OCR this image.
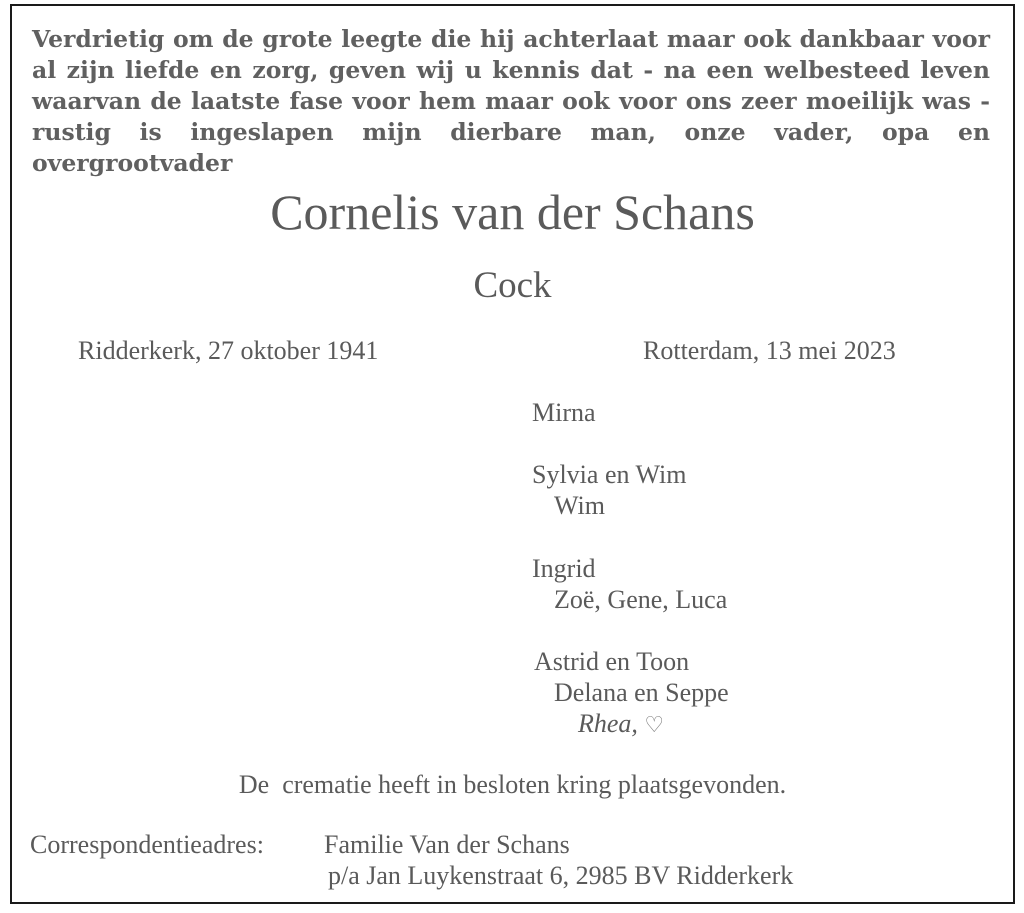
Verdrietig om de grote leegte die hij achterlaat maar ook dankbaar voor al zijn liefde en zorg, geven wij u kennis dat - na een welbesteed leven waarvan de laatste fase voor hem maar ook voor ons zeer moeilijk was - rustig is ingeslapen mijn dierbare man, onze vader, opa en overgrootvader
Cornelis van der Schans
Cock
Ridderkerk, 27 oktober 1941	Rotterdam, 13 mei 2023
Mirna
Sylvia en Wim
Wim
Ingrid
Zoë, Gene, Luca
Astrid en Toon
Delana en Seppe
Rhea, ♡
De  crematie heeft in besloten kring plaatsgevonden.
Correspondentieadres: Familie Van der Schans
p/a Jan Luykenstraat 6, 2985 BV Ridderkerk
